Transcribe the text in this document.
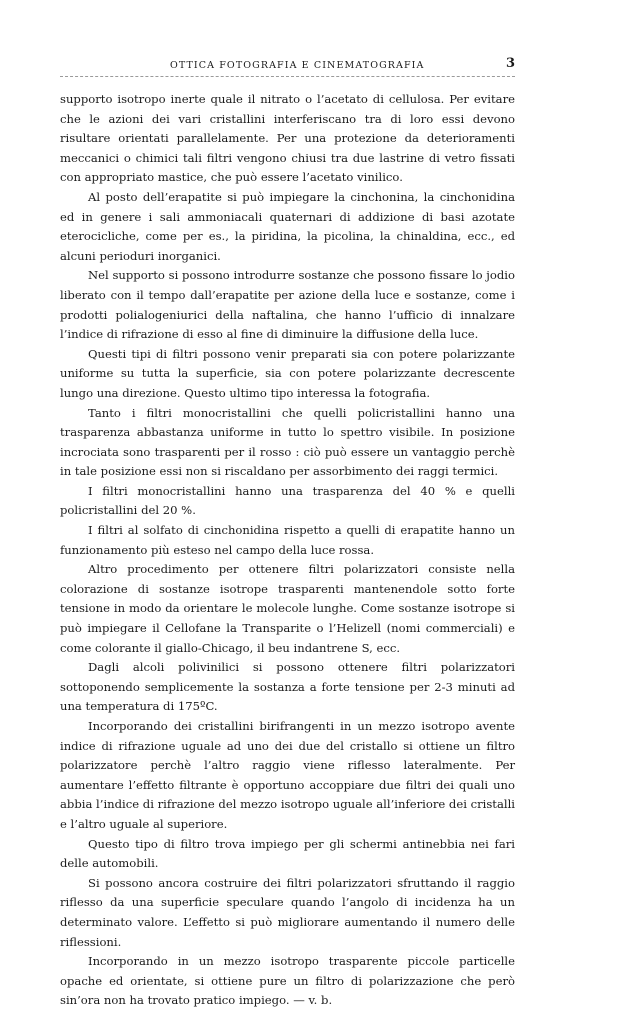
OTTICA FOTOGRAFIA E CINEMATOGRAFIA	3

supporto isotropo inerte quale il nitrato o l’acetato di cellulosa. Per evitare che le azioni dei vari cristallini interferiscano tra di loro essi devono risultare orientati parallelamente. Per una protezione da deterioramenti meccanici o chimici tali filtri vengono chiusi tra due lastrine di vetro fissati con appropriato mastice, che può essere l’acetato vinilico.

Al posto dell’erapatite si può impiegare la cinchonina, la cinchonidina ed in genere i sali ammoniacali quaternari di addizione di basi azotate eterocicliche, come per es., la piridina, la picolina, la chinaldina, ecc., ed alcuni perioduri inorganici.

Nel supporto si possono introdurre sostanze che possono fissare lo jodio liberato con il tempo dall’erapatite per azione della luce e sostanze, come i prodotti polialogeniurici della naftalina, che hanno l’ufficio di innalzare l’indice di rifrazione di esso al fine di diminuire la diffusione della luce.

Questi tipi di filtri possono venir preparati sia con potere polarizzante uniforme su tutta la superficie, sia con potere polarizzante decrescente lungo una direzione. Questo ultimo tipo interessa la fotografia.

Tanto i filtri monocristallini che quelli policristallini hanno una trasparenza abbastanza uniforme in tutto lo spettro visibile. In posizione incrociata sono trasparenti per il rosso : ciò può essere un vantaggio perchè in tale posizione essi non si riscaldano per assorbimento dei raggi termici.

I filtri monocristallini hanno una trasparenza del 40 % e quelli policristallini del 20 %.

I filtri al solfato di cinchonidina rispetto a quelli di erapatite hanno un funzionamento più esteso nel campo della luce rossa.

Altro procedimento per ottenere filtri polarizzatori consiste nella colorazione di sostanze isotrope trasparenti mantenendole sotto forte tensione in modo da orientare le molecole lunghe. Come sostanze isotrope si può impiegare il Cellofane la Transparite o l’Helizell (nomi commerciali) e come colorante il giallo-Chicago, il beu indantrene S, ecc.

Dagli alcoli polivinilici si possono ottenere filtri polarizzatori sottoponendo semplicemente la sostanza a forte tensione per 2-3 minuti ad una temperatura di 175ºC.

Incorporando dei cristallini birifrangenti in un mezzo isotropo avente indice di rifrazione uguale ad uno dei due del cristallo si ottiene un filtro polarizzatore perchè l’altro raggio viene riflesso lateralmente. Per aumentare l’effetto filtrante è opportuno accoppiare due filtri dei quali uno abbia l’indice di rifrazione del mezzo isotropo uguale all’inferiore dei cristalli e l’altro uguale al superiore.

Questo tipo di filtro trova impiego per gli schermi antinebbia nei fari delle automobili.

Si possono ancora costruire dei filtri polarizzatori sfruttando il raggio riflesso da una superficie speculare quando l’angolo di incidenza ha un determinato valore. L’effetto si può migliorare aumentando il numero delle riflessioni.

Incorporando in un mezzo isotropo trasparente piccole particelle opache ed orientate, si ottiene pure un filtro di polarizzazione che però sin’ora non ha trovato pratico impiego. — v. b.
